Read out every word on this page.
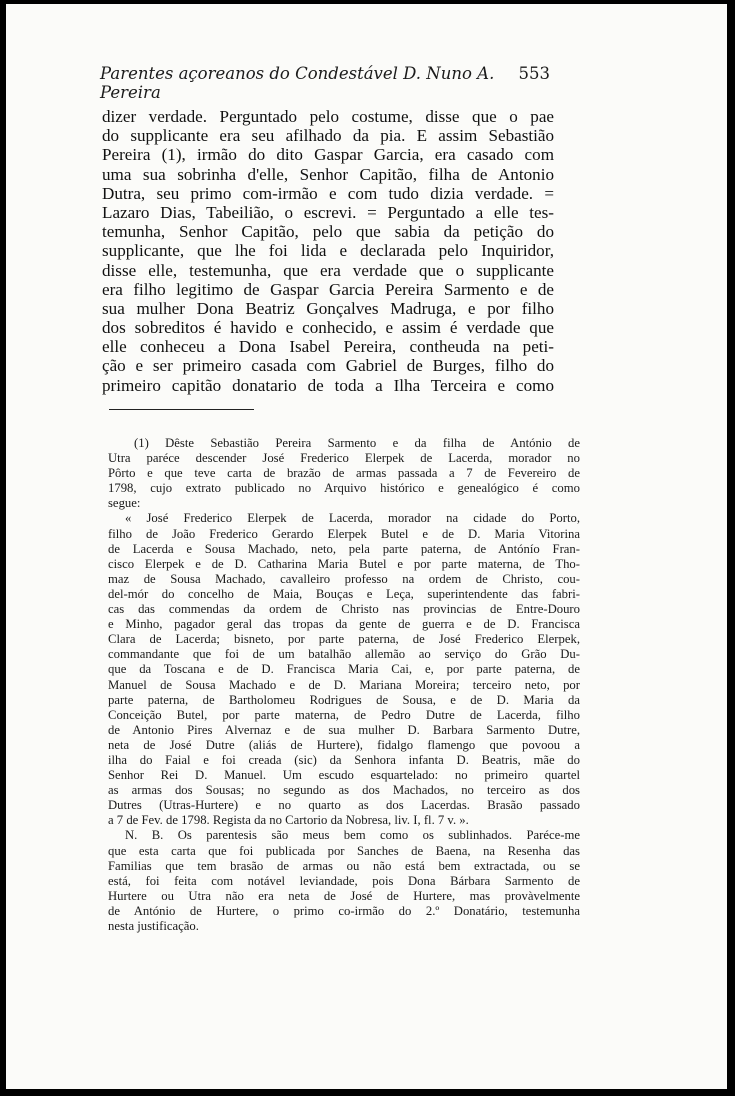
Parentes açoreanos do Condestável D. Nuno A. Pereira
553
dizer verdade. Perguntado pelo costume, disse que o pae
do supplicante era seu afilhado da pia. E assim Sebastião
Pereira (1), irmão do dito Gaspar Garcia, era casado com
uma sua sobrinha d'elle, Senhor Capitão, filha de Antonio
Dutra, seu primo com-irmão e com tudo dizia verdade. =
Lazaro Dias, Tabeilião, o escrevi. = Perguntado a elle tes-
temunha, Senhor Capitão, pelo que sabia da petição do
supplicante, que lhe foi lida e declarada pelo Inquiridor,
disse elle, testemunha, que era verdade que o supplicante
era filho legitimo de Gaspar Garcia Pereira Sarmento e de
sua mulher Dona Beatriz Gonçalves Madruga, e por filho
dos sobreditos é havido e conhecido, e assim é verdade que
elle conheceu a Dona Isabel Pereira, contheuda na peti-
ção e ser primeiro casada com Gabriel de Burges, filho do
primeiro capitão donatario de toda a Ilha Terceira e como
(1) Dêste Sebastião Pereira Sarmento e da filha de António de
Utra paréce descender José Frederico Elerpek de Lacerda, morador no
Pôrto e que teve carta de brazão de armas passada a 7 de Fevereiro de
1798, cujo extrato publicado no Arquivo histórico e genealógico é como
segue:
« José Frederico Elerpek de Lacerda, morador na cidade do Porto,
filho de João Frederico Gerardo Elerpek Butel e de D. Maria Vitorina
de Lacerda e Sousa Machado, neto, pela parte paterna, de Antónío Fran-
cisco Elerpek e de D. Catharina Maria Butel e por parte materna, de Tho-
maz de Sousa Machado, cavalleiro professo na ordem de Christo, cou-
del-mór do concelho de Maia, Bouças e Leça, superintendente das fabri-
cas das commendas da ordem de Christo nas provincias de Entre-Douro
e Minho, pagador geral das tropas da gente de guerra e de D. Francisca
Clara de Lacerda; bisneto, por parte paterna, de José Frederico Elerpek,
commandante que foi de um batalhão allemão ao serviço do Grão Du-
que da Toscana e de D. Francisca Maria Cai, e, por parte paterna, de
Manuel de Sousa Machado e de D. Mariana Moreira; terceiro neto, por
parte paterna, de Bartholomeu Rodrigues de Sousa, e de D. Maria da
Conceição Butel, por parte materna, de Pedro Dutre de Lacerda, filho
de Antonio Pires Alvernaz e de sua mulher D. Barbara Sarmento Dutre,
neta de José Dutre (aliás de Hurtere), fidalgo flamengo que povoou a
ilha do Faial e foi creada (sic) da Senhora infanta D. Beatris, mãe do
Senhor Rei D. Manuel. Um escudo esquartelado: no primeiro quartel
as armas dos Sousas; no segundo as dos Machados, no terceiro as dos
Dutres (Utras-Hurtere) e no quarto as dos Lacerdas. Brasão passado
a 7 de Fev. de 1798. Regista da no Cartorio da Nobresa, liv. I, fl. 7 v. ».
N. B. Os parentesis são meus bem como os sublinhados. Paréce-me
que esta carta que foi publicada por Sanches de Baena, na Resenha das
Familias que tem brasão de armas ou não está bem extractada, ou se
está, foi feita com notável leviandade, pois Dona Bárbara Sarmento de
Hurtere ou Utra não era neta de José de Hurtere, mas provàvelmente
de António de Hurtere, o primo co-irmão do 2.º Donatário, testemunha
nesta justificação.
